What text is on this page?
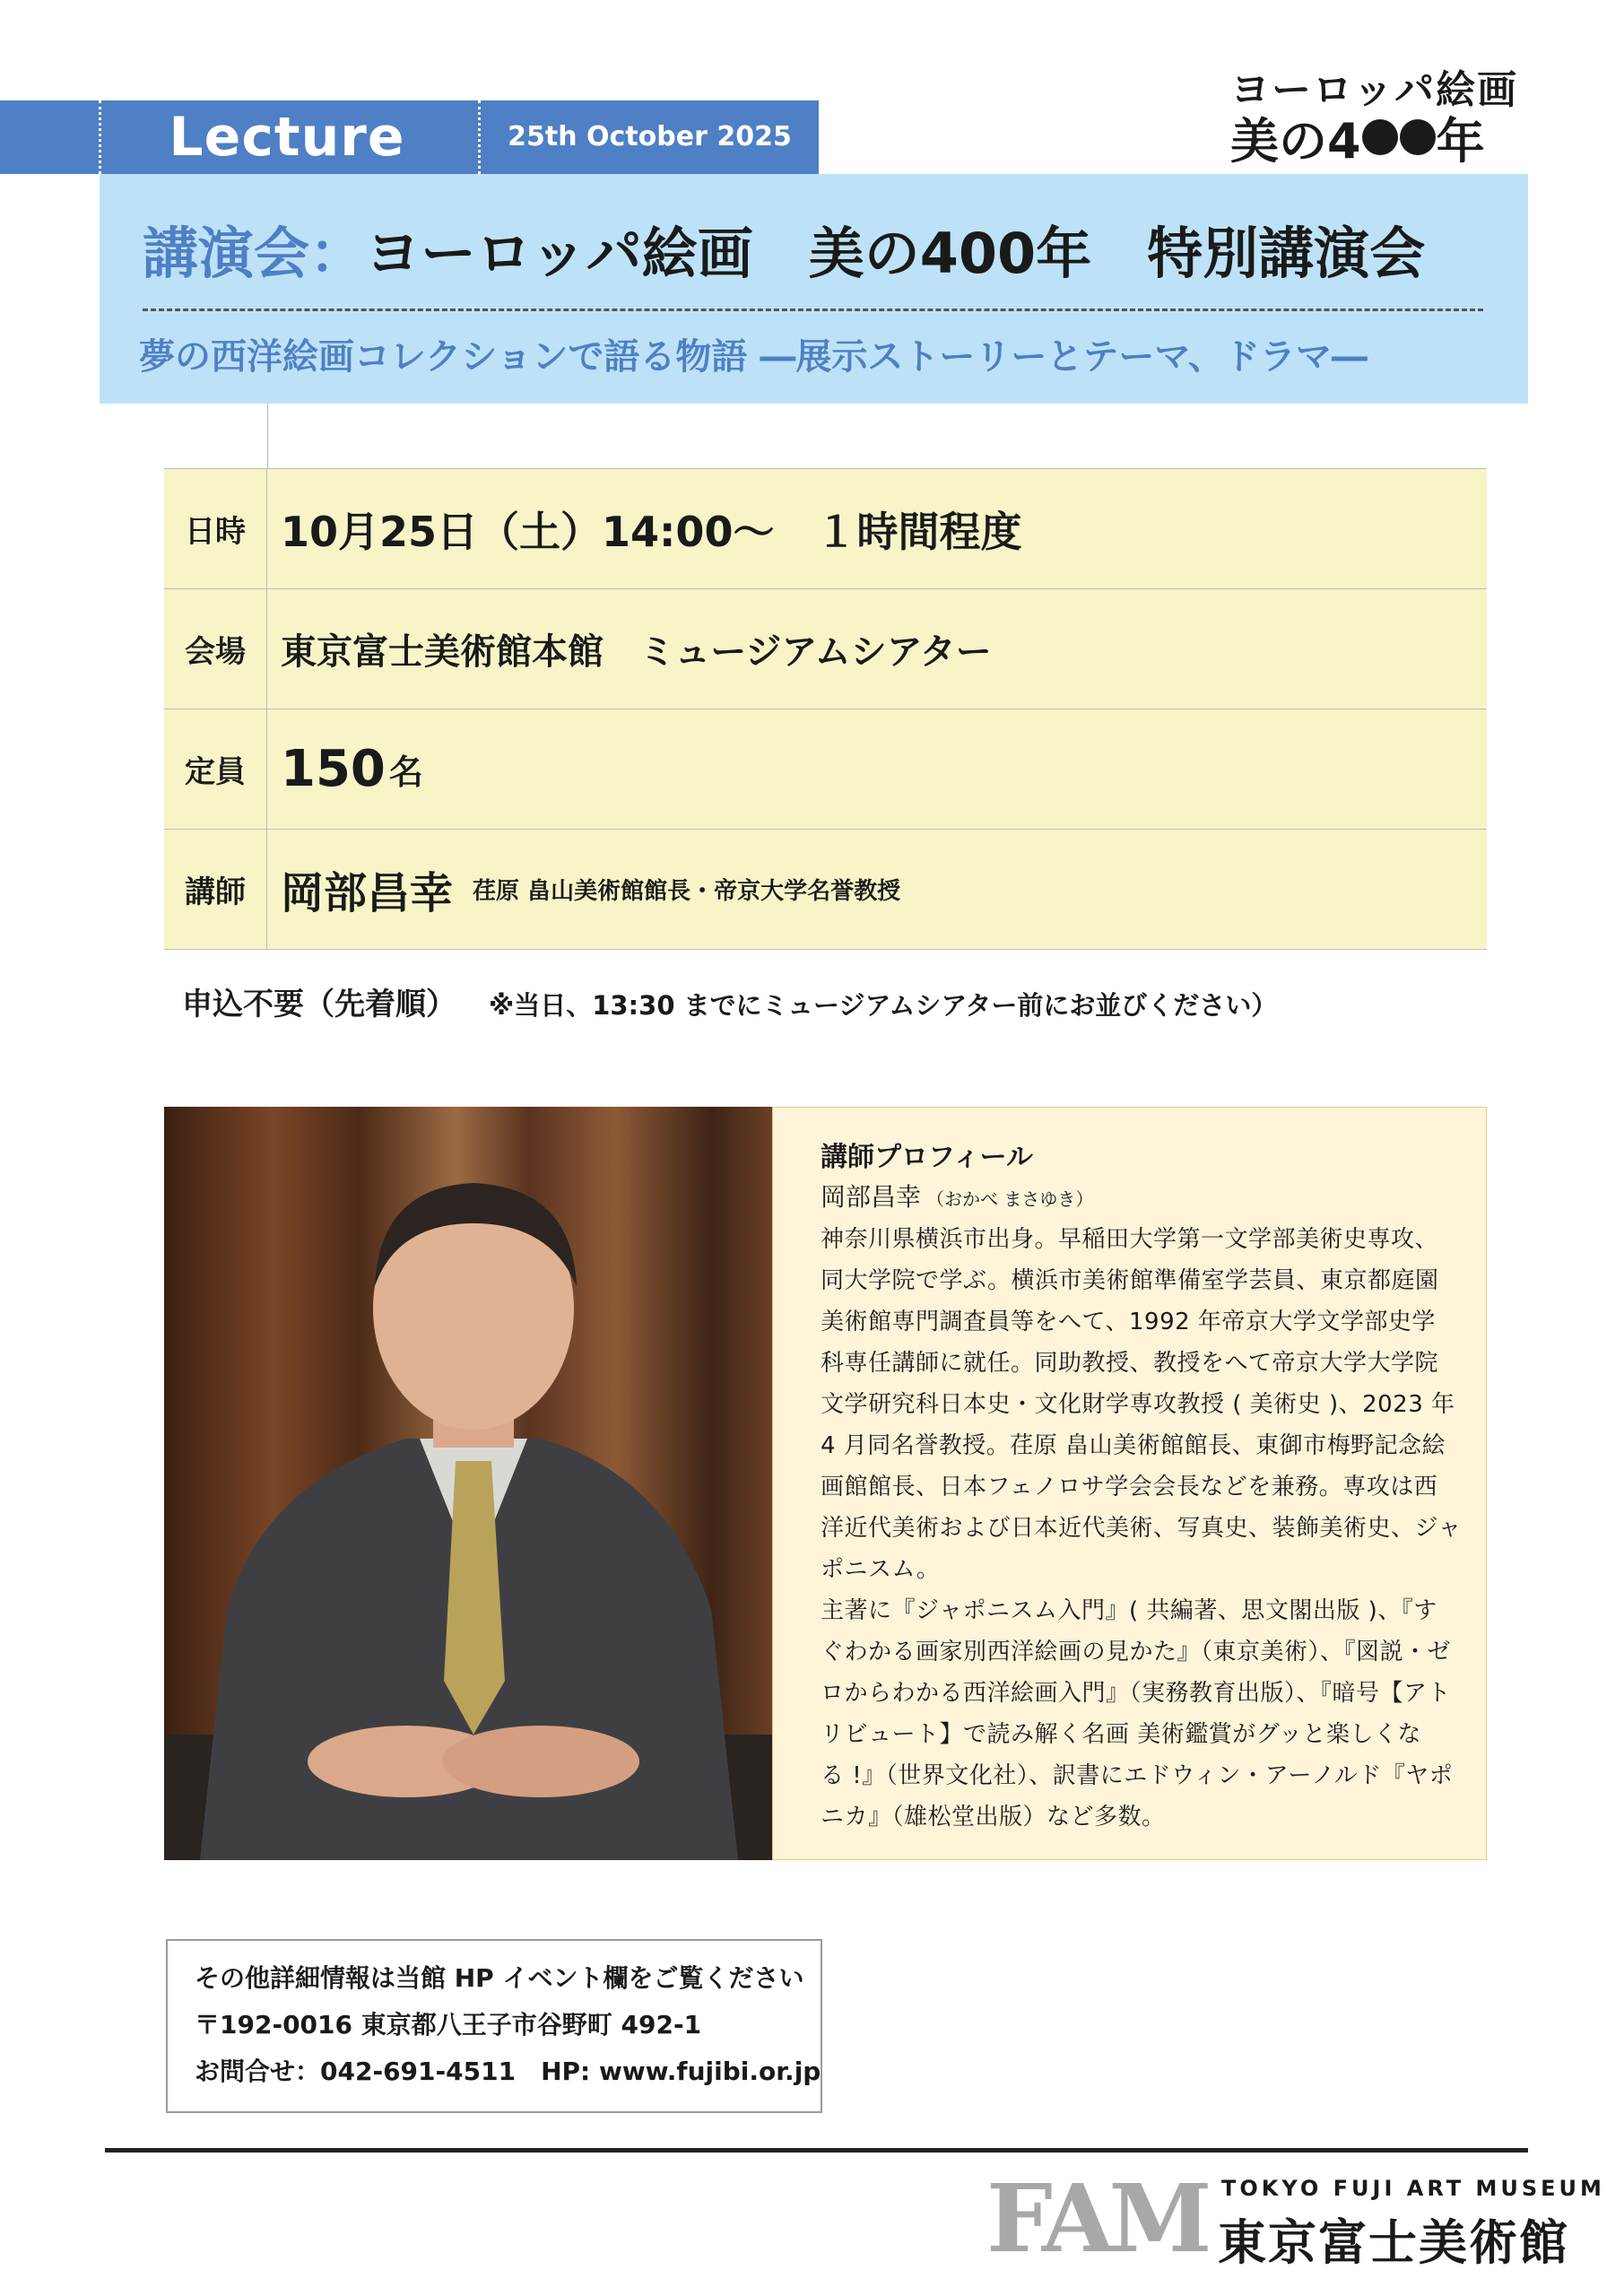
Lecture	25th October 2025
ヨーロッパ絵画
美の4 年
講演会：ヨーロッパ絵画　美の400年　特別講演会
夢の西洋絵画コレクションで語る物語 ―展示ストーリーとテーマ、ドラマ―
日時 10月25日（土）14:00～　１時間程度
会場 東京富士美術館本館　ミュージアムシアター
定員 150 名
講師 岡部昌幸 荏原 畠山美術館館長・帝京大学名誉教授
申込不要（先着順） ※当日、13:30 までにミュージアムシアター前にお並びください）
講師プロフィール
岡部昌幸 （おかべ まさゆき）
神奈川県横浜市出身。早稲田大学第一文学部美術史専攻、
同大学院で学ぶ。横浜市美術館準備室学芸員、東京都庭園
美術館専門調査員等をへて、1992 年帝京大学文学部史学
科専任講師に就任。同助教授、教授をへて帝京大学大学院
文学研究科日本史・文化財学専攻教授 ( 美術史 )、2023 年
4 月同名誉教授。荏原 畠山美術館館長、東御市梅野記念絵
画館館長、日本フェノロサ学会会長などを兼務。専攻は西
洋近代美術および日本近代美術、写真史、装飾美術史、ジャ
ポニスム。
主著に『ジャポニスム入門』( 共編著、思文閣出版 )、『す
ぐわかる画家別西洋絵画の見かた』（東京美術）、『図説・ゼ
ロからわかる西洋絵画入門』（実務教育出版）、『暗号【アト
リビュート】で読み解く名画 美術鑑賞がグッと楽しくな
る !』（世界文化社）、訳書にエドウィン・アーノルド『ヤポ
ニカ』（雄松堂出版）など多数。
その他詳細情報は当館 HP イベント欄をご覧ください
〒192-0016 東京都八王子市谷野町 492-1
お問合せ：042-691-4511　HP: www.fujibi.or.jp
FAM TOKYO FUJI ART MUSEUM
東京富士美術館
